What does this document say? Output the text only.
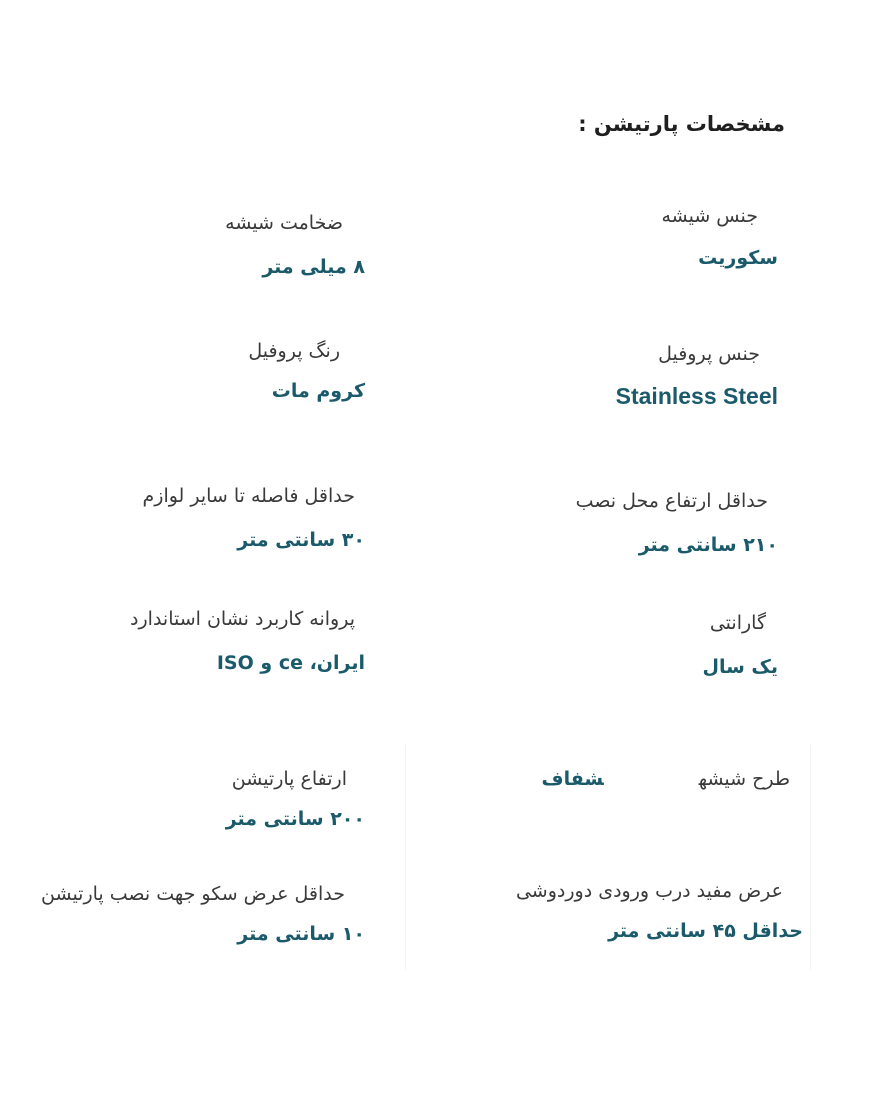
مشخصات پارتیشن :
جنس شیشه
سکوریت
ضخامت شیشه
۸ میلی متر
جنس پروفیل
Stainless Steel
رنگ پروفیل
کروم مات
حداقل ارتفاع محل نصب
۲۱۰ سانتی متر
حداقل فاصله تا سایر لوازم
۳۰ سانتی متر
گارانتی
یک سال
پروانه کاربرد نشان استاندارد
ایران، ce و ISO
طرح شیشهشفاف
ارتفاع پارتیشن
۲۰۰ سانتی متر
عرض مفید درب ورودی دوردوشی
حداقل ۴۵ سانتی متر
حداقل عرض سکو جهت نصب پارتیشن
۱۰ سانتی متر
